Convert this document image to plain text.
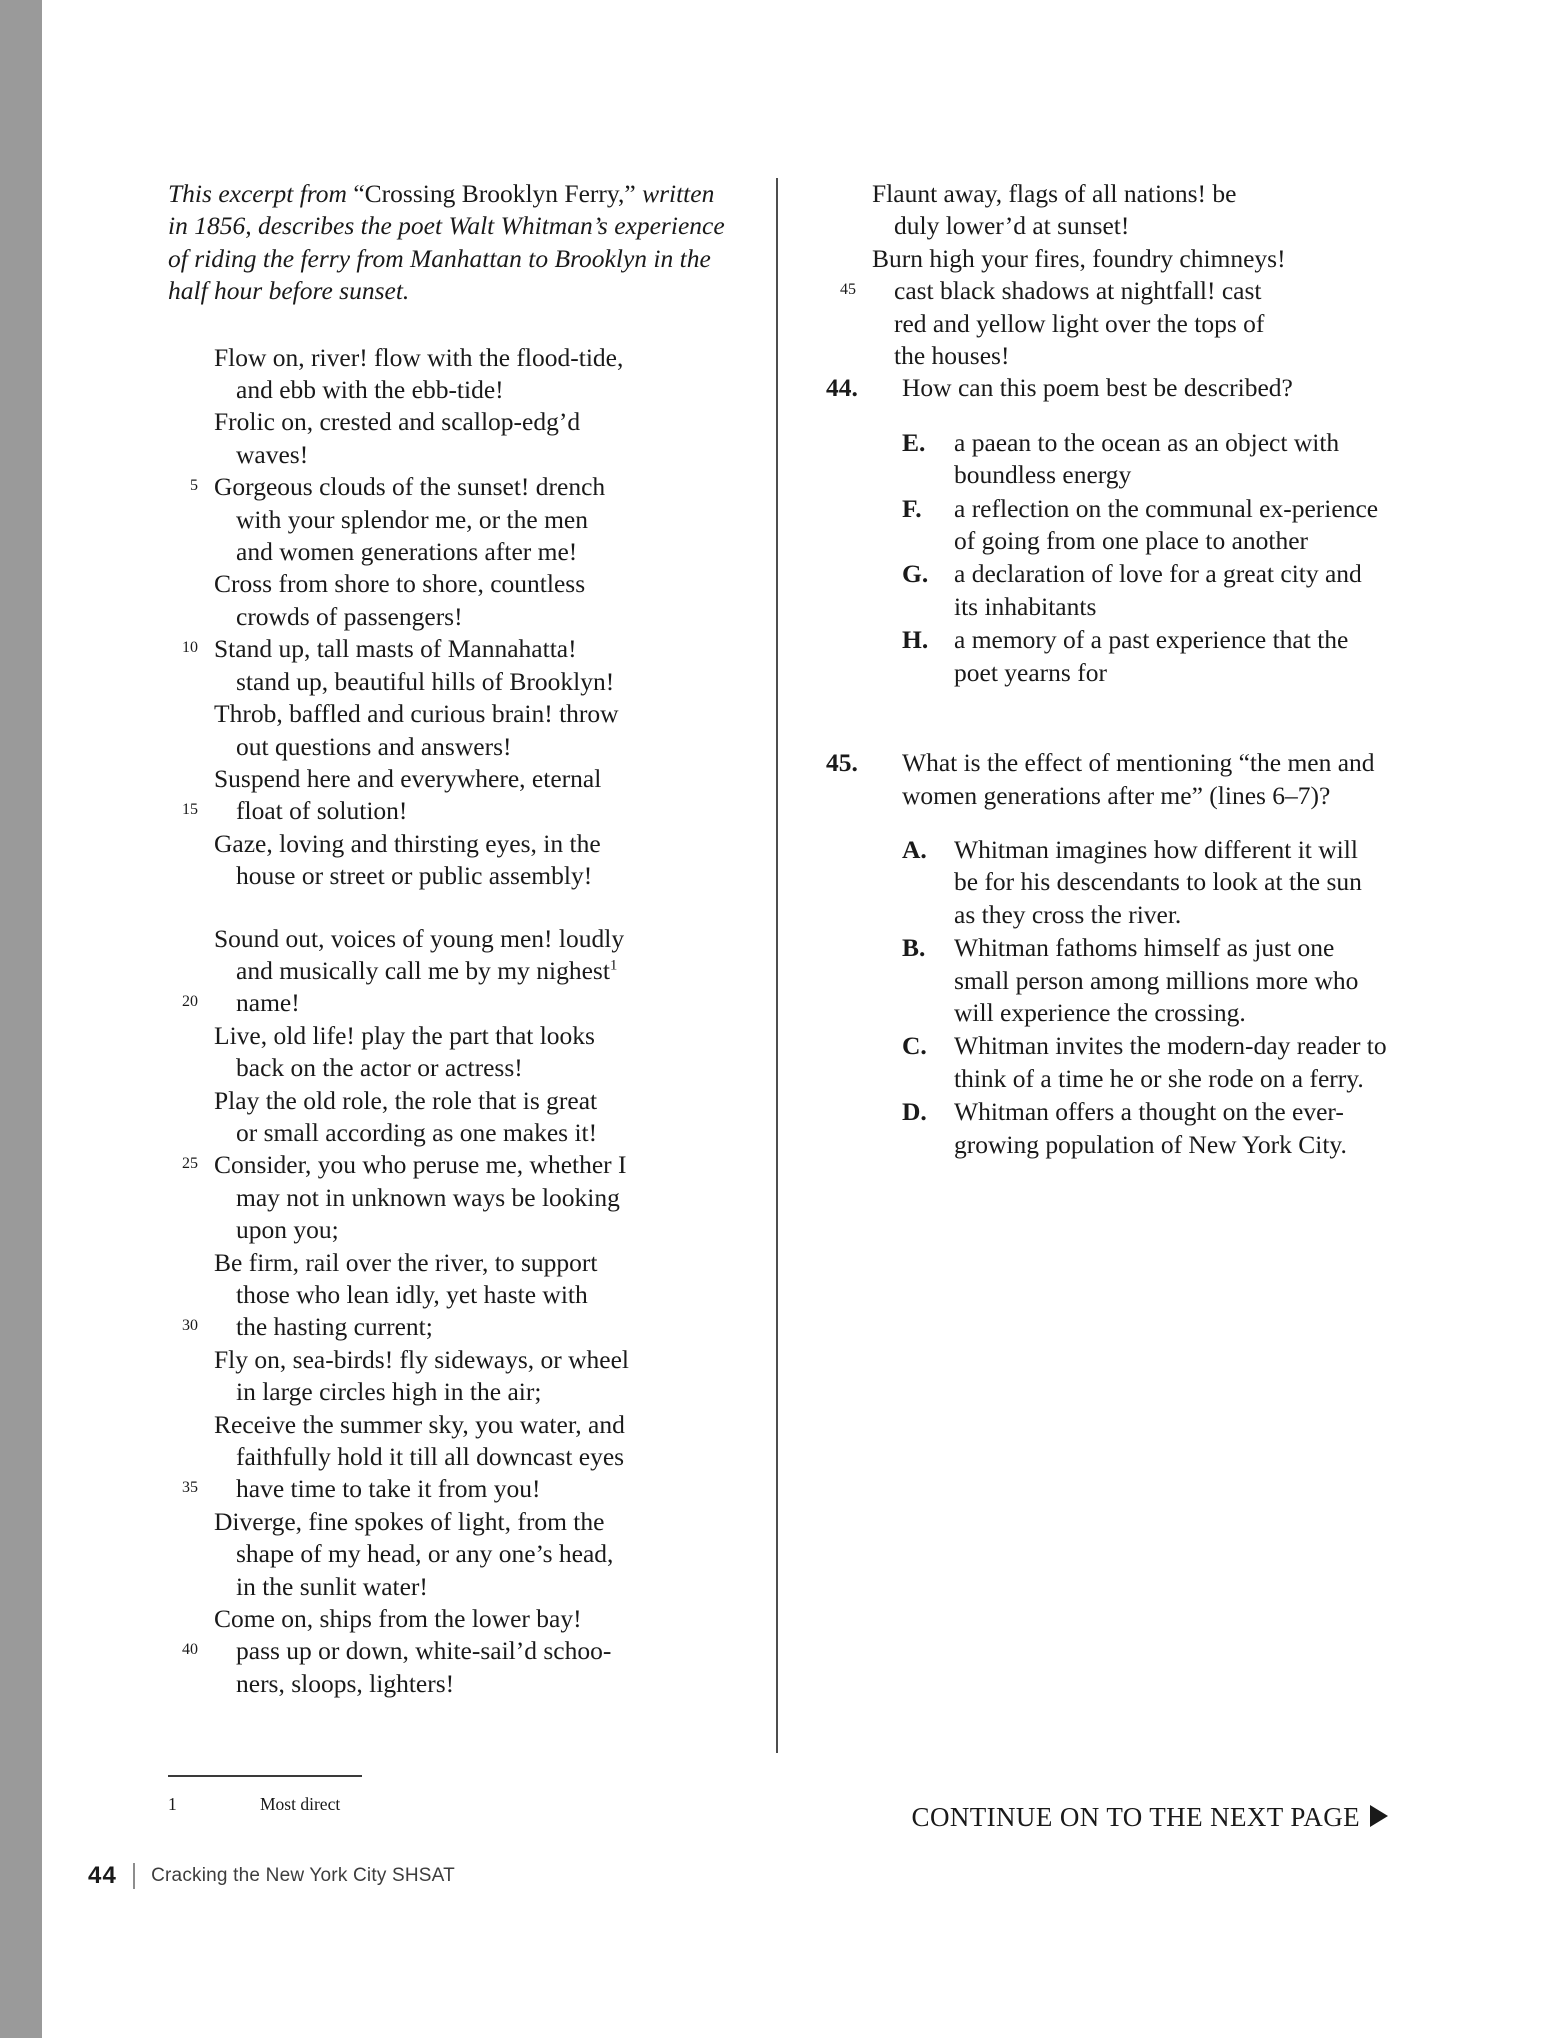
This excerpt from “Crossing Brooklyn Ferry,” written in 1856, describes the poet Walt Whitman’s experience of riding the ferry from Manhattan to Brooklyn in the half hour before sunset.

Flow on, river! flow with the flood-tide,
and ebb with the ebb-tide!
Frolic on, crested and scallop-edg’d
waves!
5 Gorgeous clouds of the sunset! drench
with your splendor me, or the men
and women generations after me!
Cross from shore to shore, countless
crowds of passengers!
10 Stand up, tall masts of Mannahatta!
stand up, beautiful hills of Brooklyn!
Throb, baffled and curious brain! throw
out questions and answers!
Suspend here and everywhere, eternal
15 float of solution!
Gaze, loving and thirsting eyes, in the
house or street or public assembly!
Sound out, voices of young men! loudly
and musically call me by my nighest$^1$
20 name!
Live, old life! play the part that looks
back on the actor or actress!
Play the old role, the role that is great
or small according as one makes it!
25 Consider, you who peruse me, whether I
may not in unknown ways be looking
upon you;
Be firm, rail over the river, to support
those who lean idly, yet haste with
30 the hasting current;
Fly on, sea-birds! fly sideways, or wheel
in large circles high in the air;
Receive the summer sky, you water, and
faithfully hold it till all downcast eyes
35 have time to take it from you!
Diverge, fine spokes of light, from the
shape of my head, or any one’s head,
in the sunlit water!
Come on, ships from the lower bay!
40 pass up or down, white-sail’d schoo-
ners, sloops, lighters!
Flaunt away, flags of all nations! be
duly lower’d at sunset!
Burn high your fires, foundry chimneys!
45 cast black shadows at nightfall! cast
red and yellow light over the tops of
the houses!
44. How can this poem best be described?
E. a paean to the ocean as an object with boundless energy
F. a reflection on the communal ex-perience of going from one place to another
G. a declaration of love for a great city and its inhabitants
H. a memory of a past experience that the poet yearns for
45. What is the effect of mentioning “the men and women generations after me” (lines 6–7)?
A. Whitman imagines how different it will be for his descendants to look at the sun as they cross the river.
B. Whitman fathoms himself as just one small person among millions more who will experience the crossing.
C. Whitman invites the modern-day reader to think of a time he or she rode on a ferry.
D. Whitman offers a thought on the ever-growing population of New York City.
1	Most direct	CONTINUE ON TO THE NEXT PAGE
44 Cracking the New York City SHSAT
